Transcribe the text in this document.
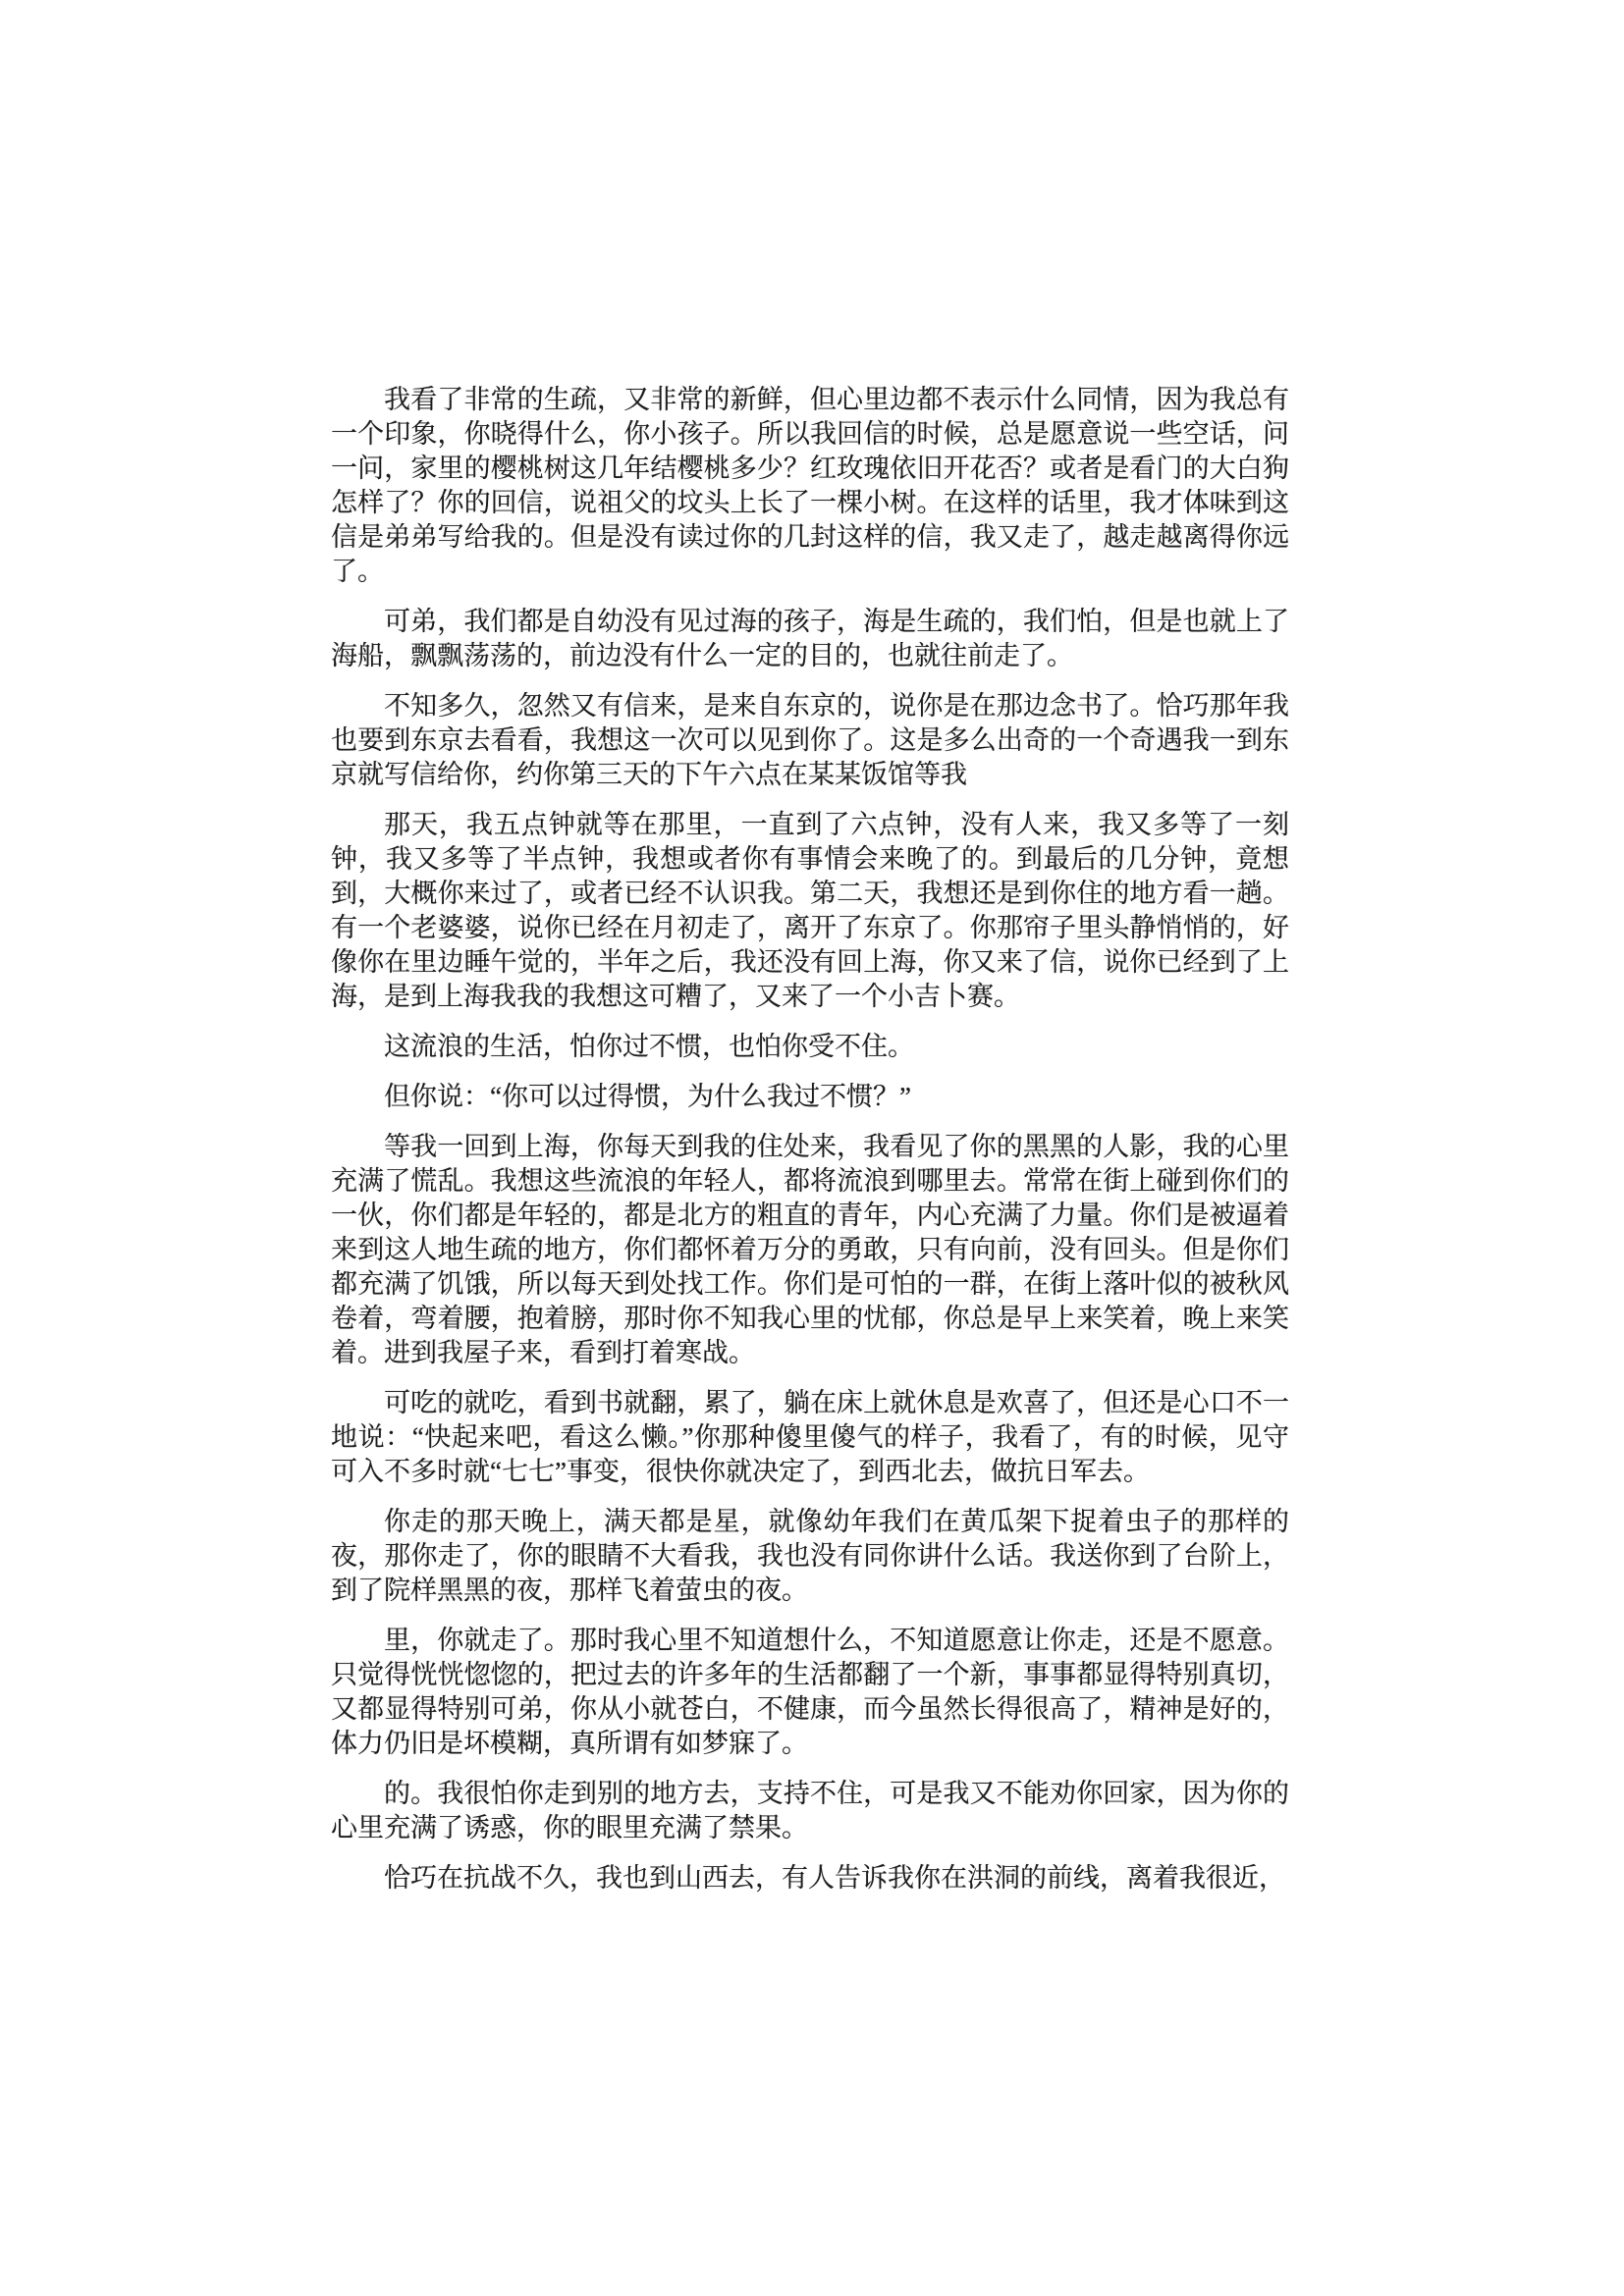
我看了非常的生疏，又非常的新鲜，但心里边都不表示什么同情，因为我总有一个印象，你晓得什么，你小孩子。所以我回信的时候，总是愿意说一些空话，问一问，家里的樱桃树这几年结樱桃多少？红玫瑰依旧开花否？或者是看门的大白狗怎样了？你的回信，说祖父的坟头上长了一棵小树。在这样的话里，我才体味到这信是弟弟写给我的。但是没有读过你的几封这样的信，我又走了，越走越离得你远了。

可弟，我们都是自幼没有见过海的孩子，海是生疏的，我们怕，但是也就上了海船，飘飘荡荡的，前边没有什么一定的目的，也就往前走了。

不知多久，忽然又有信来，是来自东京的，说你是在那边念书了。恰巧那年我也要到东京去看看，我想这一次可以见到你了。这是多么出奇的一个奇遇我一到东京就写信给你，约你第三天的下午六点在某某饭馆等我

那天，我五点钟就等在那里，一直到了六点钟，没有人来，我又多等了一刻钟，我又多等了半点钟，我想或者你有事情会来晚了的。到最后的几分钟，竟想到，大概你来过了，或者已经不认识我。第二天，我想还是到你住的地方看一趟。有一个老婆婆，说你已经在月初走了，离开了东京了。你那帘子里头静悄悄的，好像你在里边睡午觉的，半年之后，我还没有回上海，你又来了信，说你已经到了上海，是到上海我我的我想这可糟了，又来了一个小吉卜赛。

这流浪的生活，怕你过不惯，也怕你受不住。

但你说：“你可以过得惯，为什么我过不惯？”

等我一回到上海，你每天到我的住处来，我看见了你的黑黑的人影，我的心里充满了慌乱。我想这些流浪的年轻人，都将流浪到哪里去。常常在街上碰到你们的一伙，你们都是年轻的，都是北方的粗直的青年，内心充满了力量。你们是被逼着来到这人地生疏的地方，你们都怀着万分的勇敢，只有向前，没有回头。但是你们都充满了饥饿，所以每天到处找工作。你们是可怕的一群，在街上落叶似的被秋风卷着，弯着腰，抱着膀，那时你不知我心里的忧郁，你总是早上来笑着，晚上来笑着。进到我屋子来，看到打着寒战。

可吃的就吃，看到书就翻，累了，躺在床上就休息是欢喜了，但还是心口不一地说：“快起来吧，看这么懒。”你那种傻里傻气的样子，我看了，有的时候，见守可入不多时就“七七”事变，很快你就决定了，到西北去，做抗日军去。

你走的那天晚上，满天都是星，就像幼年我们在黄瓜架下捉着虫子的那样的夜，那你走了，你的眼睛不大看我，我也没有同你讲什么话。我送你到了台阶上，到了院样黑黑的夜，那样飞着萤虫的夜。

里，你就走了。那时我心里不知道想什么，不知道愿意让你走，还是不愿意。只觉得恍恍惚惚的，把过去的许多年的生活都翻了一个新，事事都显得特别真切，又都显得特别可弟，你从小就苍白，不健康，而今虽然长得很高了，精神是好的，体力仍旧是坏模糊，真所谓有如梦寐了。

的。我很怕你走到别的地方去，支持不住，可是我又不能劝你回家，因为你的心里充满了诱惑，你的眼里充满了禁果。

恰巧在抗战不久，我也到山西去，有人告诉我你在洪洞的前线，离着我很近，
